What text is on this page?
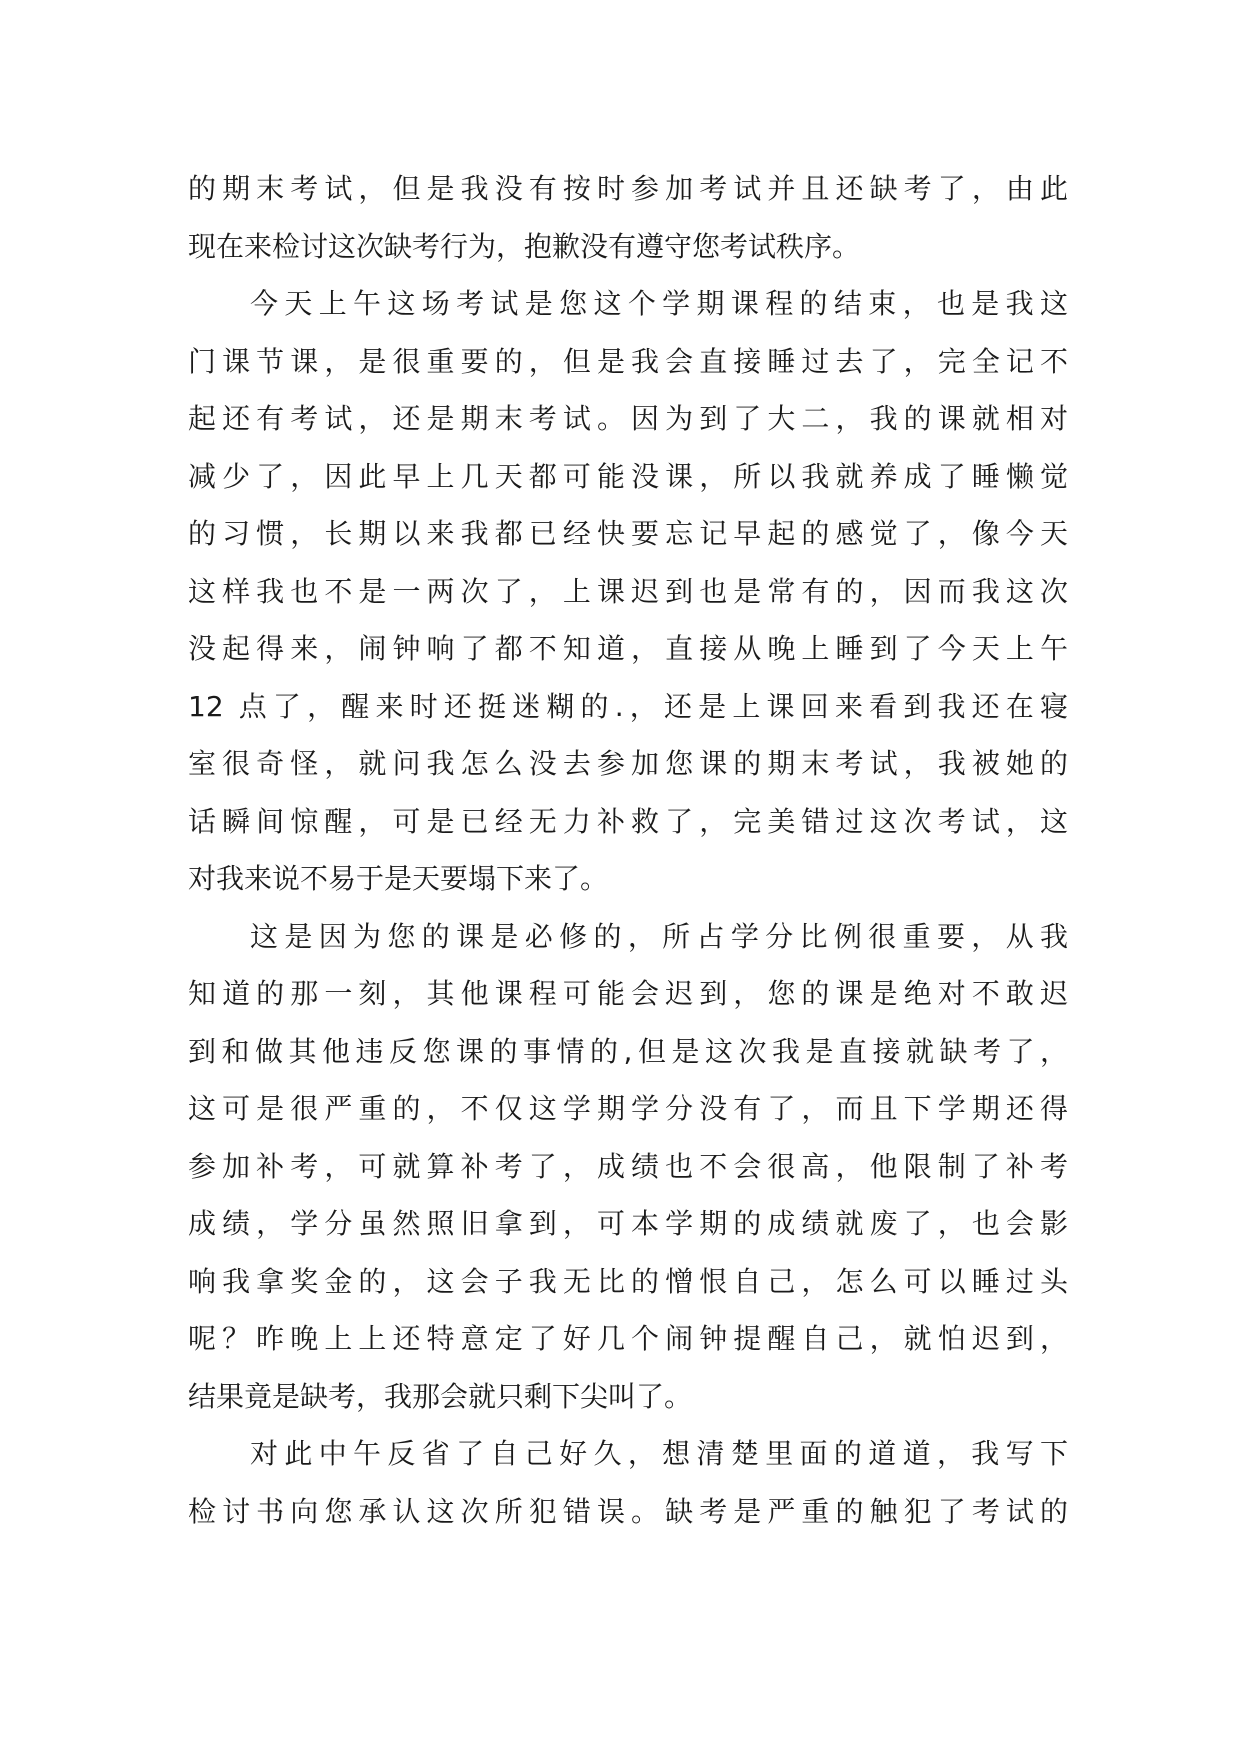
的期末考试，但是我没有按时参加考试并且还缺考了，由此
现在来检讨这次缺考行为，抱歉没有遵守您考试秩序。
今天上午这场考试是您这个学期课程的结束，也是我这
门课节课，是很重要的，但是我会直接睡过去了，完全记不
起还有考试，还是期末考试。因为到了大二，我的课就相对
减少了，因此早上几天都可能没课，所以我就养成了睡懒觉
的习惯，长期以来我都已经快要忘记早起的感觉了，像今天
这样我也不是一两次了，上课迟到也是常有的，因而我这次
没起得来，闹钟响了都不知道，直接从晚上睡到了今天上午
12 点了，醒来时还挺迷糊的.，还是上课回来看到我还在寝
室很奇怪，就问我怎么没去参加您课的期末考试，我被她的
话瞬间惊醒，可是已经无力补救了，完美错过这次考试，这
对我来说不易于是天要塌下来了。
这是因为您的课是必修的，所占学分比例很重要，从我
知道的那一刻，其他课程可能会迟到，您的课是绝对不敢迟
到和做其他违反您课的事情的,但是这次我是直接就缺考了，
这可是很严重的，不仅这学期学分没有了，而且下学期还得
参加补考，可就算补考了，成绩也不会很高，他限制了补考
成绩，学分虽然照旧拿到，可本学期的成绩就废了，也会影
响我拿奖金的，这会子我无比的憎恨自己，怎么可以睡过头
呢？昨晚上上还特意定了好几个闹钟提醒自己，就怕迟到，
结果竟是缺考，我那会就只剩下尖叫了。
对此中午反省了自己好久，想清楚里面的道道，我写下
检讨书向您承认这次所犯错误。缺考是严重的触犯了考试的
